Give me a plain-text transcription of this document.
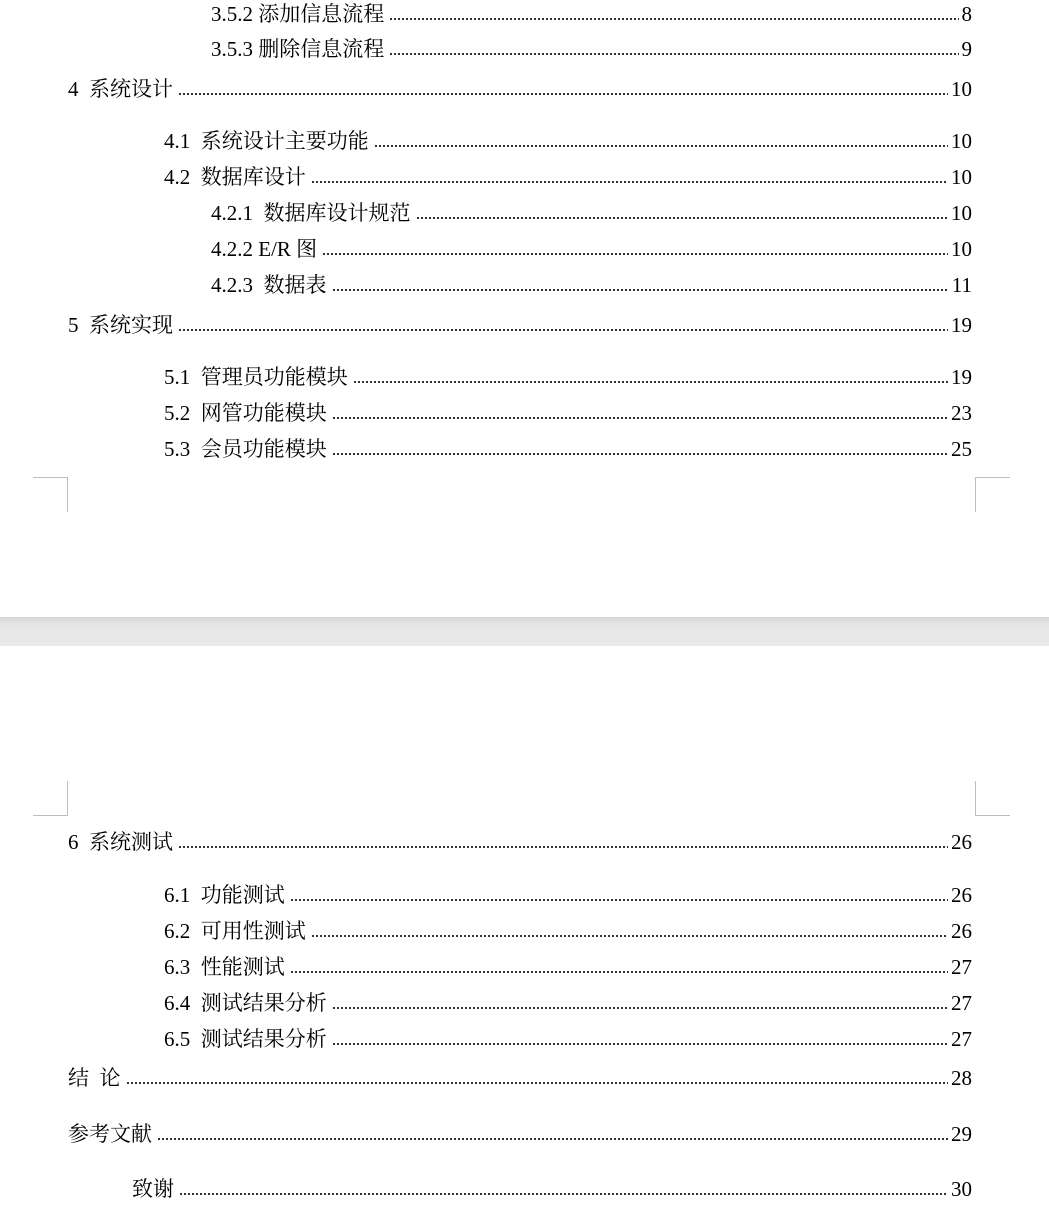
3.5.2 添加信息流程	8
3.5.3 删除信息流程	9
4  系统设计	10
4.1  系统设计主要功能	10
4.2  数据库设计	10
4.2.1  数据库设计规范	10
4.2.2 E/R 图	10
4.2.3  数据表	11
5  系统实现	19
5.1  管理员功能模块	19
5.2  网管功能模块	23
5.3  会员功能模块	25
6  系统测试	26
6.1  功能测试	26
6.2  可用性测试	26
6.3  性能测试	27
6.4  测试结果分析	27
6.5  测试结果分析	27
结  论	28
参考文献	29
致谢	30
